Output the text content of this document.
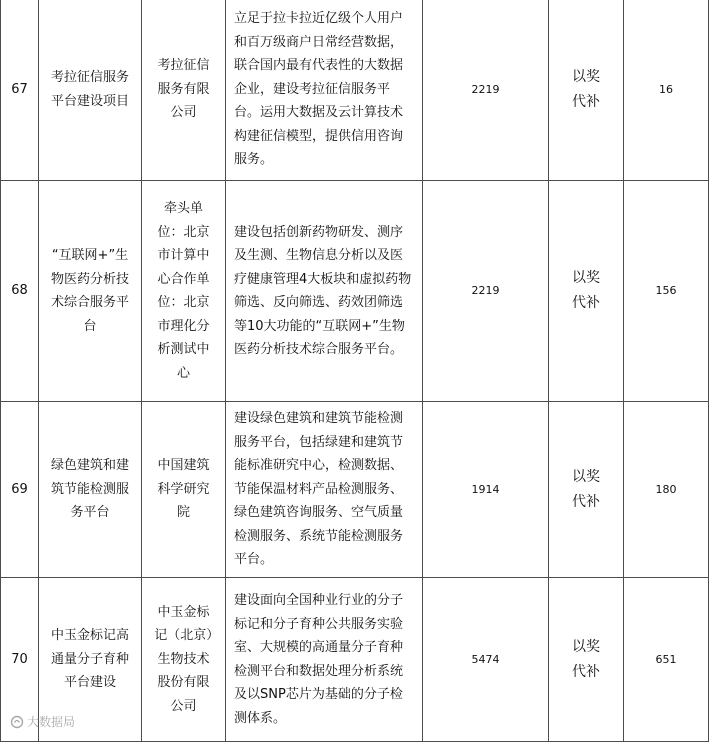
67	考拉征信服务平台建设项目	考拉征信服务有限公司	立足于拉卡拉近亿级个人用户和百万级商户日常经营数据，联合国内最有代表性的大数据企业，建设考拉征信服务平台。运用大数据及云计算技术构建征信模型，提供信用咨询服务。	2219	以奖代补	16
68	“互联网+”生物医药分析技术综合服务平台	牵头单位：北京市计算中心合作单位：北京市理化分析测试中心	建设包括创新药物研发、测序及生测、生物信息分析以及医疗健康管理4大板块和虚拟药物筛选、反向筛选、药效团筛选等10大功能的“互联网+”生物医药分析技术综合服务平台。	2219	以奖代补	156
69	绿色建筑和建筑节能检测服务平台	中国建筑科学研究院	建设绿色建筑和建筑节能检测服务平台，包括绿建和建筑节能标准研究中心，检测数据、节能保温材料产品检测服务、绿色建筑咨询服务、空气质量检测服务、系统节能检测服务平台。	1914	以奖代补	180
70	中玉金标记高通量分子育种平台建设	中玉金标记（北京）生物技术股份有限公司	建设面向全国种业行业的分子标记和分子育种公共服务实验室、大规模的高通量分子育种检测平台和数据处理分析系统及以SNP芯片为基础的分子检测体系。	5474	以奖代补	651
大数据局
